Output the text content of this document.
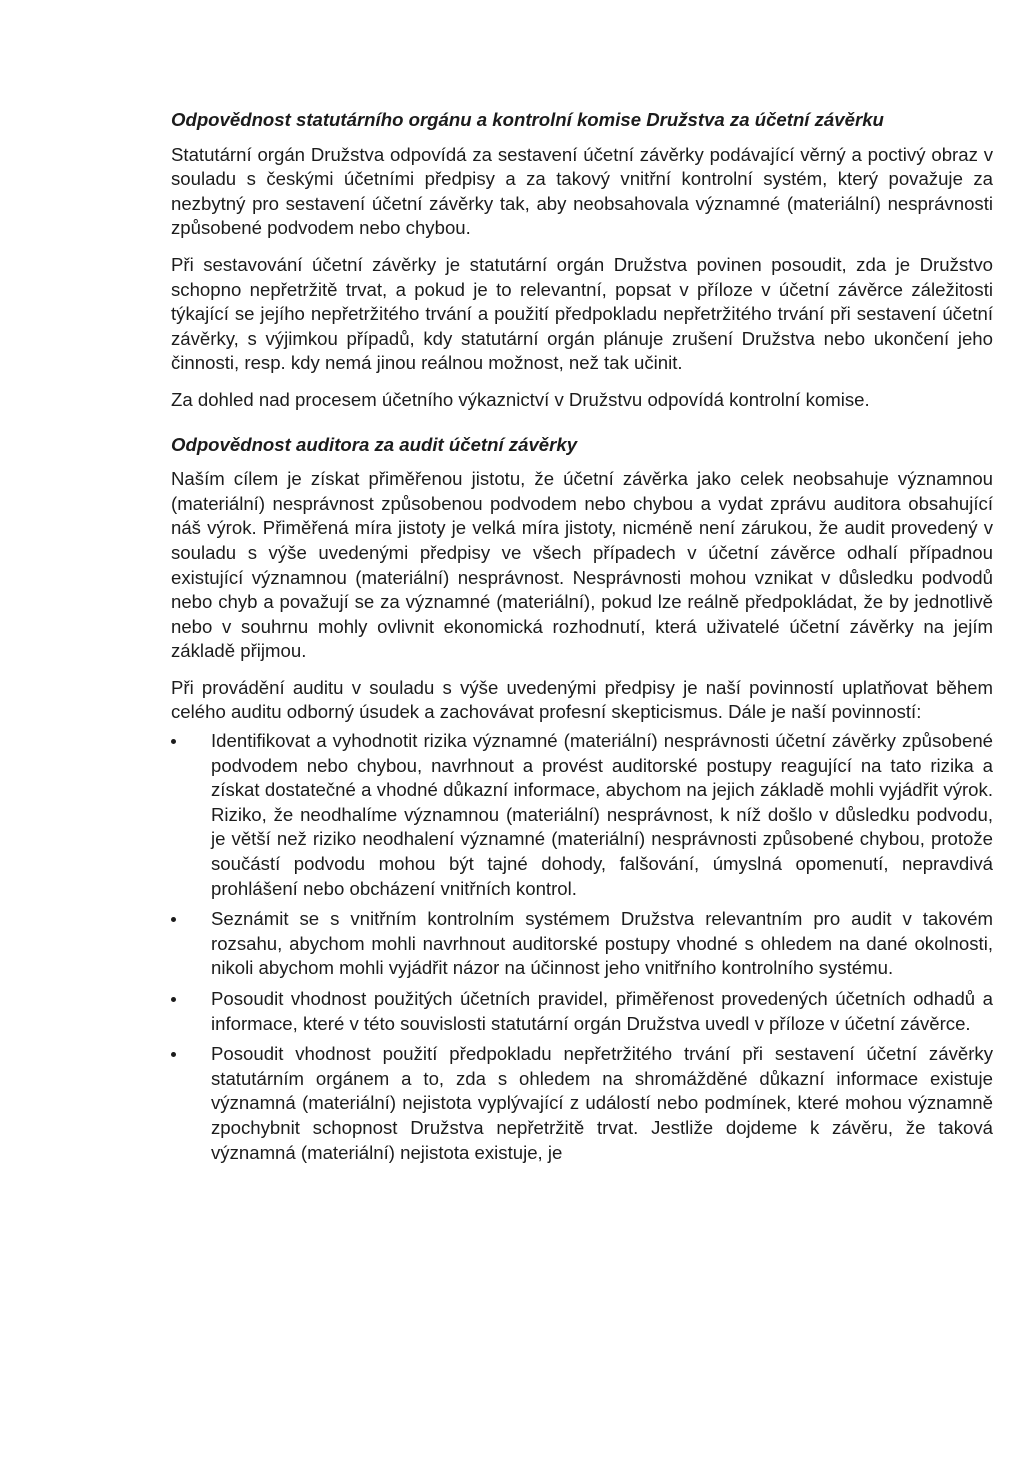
Odpovědnost statutárního orgánu a kontrolní komise Družstva za účetní závěrku

Statutární orgán Družstva odpovídá za sestavení účetní závěrky podávající věrný a poctivý obraz v souladu s českými účetními předpisy a za takový vnitřní kontrolní systém, který považuje za nezbytný pro sestavení účetní závěrky tak, aby neobsahovala významné (materiální) nesprávnosti způsobené podvodem nebo chybou.

Při sestavování účetní závěrky je statutární orgán Družstva povinen posoudit, zda je Družstvo schopno nepřetržitě trvat, a pokud je to relevantní, popsat v příloze v účetní závěrce záležitosti týkající se jejího nepřetržitého trvání a použití předpokladu nepřetržitého trvání při sestavení účetní závěrky, s výjimkou případů, kdy statutární orgán plánuje zrušení Družstva nebo ukončení jeho činnosti, resp. kdy nemá jinou reálnou možnost, než tak učinit.

Za dohled nad procesem účetního výkaznictví v Družstvu odpovídá kontrolní komise.

Odpovědnost auditora za audit účetní závěrky

Naším cílem je získat přiměřenou jistotu, že účetní závěrka jako celek neobsahuje významnou (materiální) nesprávnost způsobenou podvodem nebo chybou a vydat zprávu auditora obsahující náš výrok. Přiměřená míra jistoty je velká míra jistoty, nicméně není zárukou, že audit provedený v souladu s výše uvedenými předpisy ve všech případech v účetní závěrce odhalí případnou existující významnou (materiální) nesprávnost. Nesprávnosti mohou vznikat v důsledku podvodů nebo chyb a považují se za významné (materiální), pokud lze reálně předpokládat, že by jednotlivě nebo v souhrnu mohly ovlivnit ekonomická rozhodnutí, která uživatelé účetní závěrky na jejím základě přijmou.

Při provádění auditu v souladu s výše uvedenými předpisy je naší povinností uplatňovat během celého auditu odborný úsudek a zachovávat profesní skepticismus. Dále je naší povinností:

Identifikovat a vyhodnotit rizika významné (materiální) nesprávnosti účetní závěrky způsobené podvodem nebo chybou, navrhnout a provést auditorské postupy reagující na tato rizika a získat dostatečné a vhodné důkazní informace, abychom na jejich základě mohli vyjádřit výrok. Riziko, že neodhalíme významnou (materiální) nesprávnost, k níž došlo v důsledku podvodu, je větší než riziko neodhalení významné (materiální) nesprávnosti způsobené chybou, protože součástí podvodu mohou být tajné dohody, falšování, úmyslná opomenutí, nepravdivá prohlášení nebo obcházení vnitřních kontrol.
Seznámit se s vnitřním kontrolním systémem Družstva relevantním pro audit v takovém rozsahu, abychom mohli navrhnout auditorské postupy vhodné s ohledem na dané okolnosti, nikoli abychom mohli vyjádřit názor na účinnost jeho vnitřního kontrolního systému.
Posoudit vhodnost použitých účetních pravidel, přiměřenost provedených účetních odhadů a informace, které v této souvislosti statutární orgán Družstva uvedl v příloze v účetní závěrce.
Posoudit vhodnost použití předpokladu nepřetržitého trvání při sestavení účetní závěrky statutárním orgánem a to, zda s ohledem na shromážděné důkazní informace existuje významná (materiální) nejistota vyplývající z událostí nebo podmínek, které mohou významně zpochybnit schopnost Družstva nepřetržitě trvat. Jestliže dojdeme k závěru, že taková významná (materiální) nejistota existuje, je
